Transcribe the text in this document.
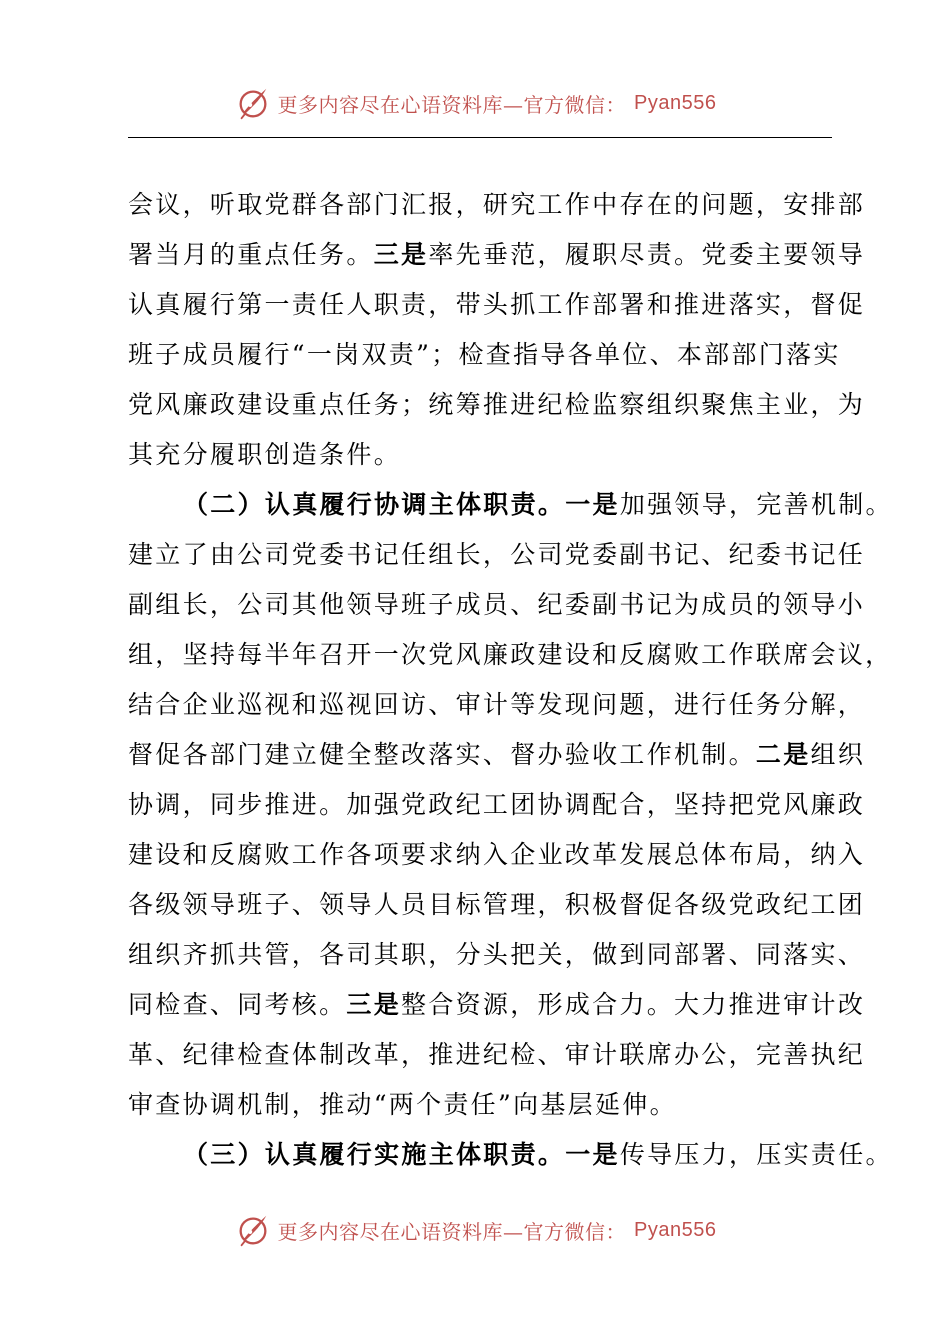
更多内容尽在心语资料库—官方微信： Pyan556
会议，听取党群各部门汇报，研究工作中存在的问题，安排部
署当月的重点任务。三是率先垂范，履职尽责。党委主要领导
认真履行第一责任人职责，带头抓工作部署和推进落实，督促
班子成员履行“一岗双责”；检查指导各单位、本部部门落实
党风廉政建设重点任务；统筹推进纪检监察组织聚焦主业，为
其充分履职创造条件。
（二）认真履行协调主体职责。一是加强领导，完善机制。
建立了由公司党委书记任组长，公司党委副书记、纪委书记任
副组长，公司其他领导班子成员、纪委副书记为成员的领导小
组，坚持每半年召开一次党风廉政建设和反腐败工作联席会议，
结合企业巡视和巡视回访、审计等发现问题，进行任务分解，
督促各部门建立健全整改落实、督办验收工作机制。二是组织
协调，同步推进。加强党政纪工团协调配合，坚持把党风廉政
建设和反腐败工作各项要求纳入企业改革发展总体布局，纳入
各级领导班子、领导人员目标管理，积极督促各级党政纪工团
组织齐抓共管，各司其职，分头把关，做到同部署、同落实、
同检查、同考核。三是整合资源，形成合力。大力推进审计改
革、纪律检查体制改革，推进纪检、审计联席办公，完善执纪
审查协调机制，推动“两个责任”向基层延伸。
（三）认真履行实施主体职责。一是传导压力，压实责任。
更多内容尽在心语资料库—官方微信： Pyan556
